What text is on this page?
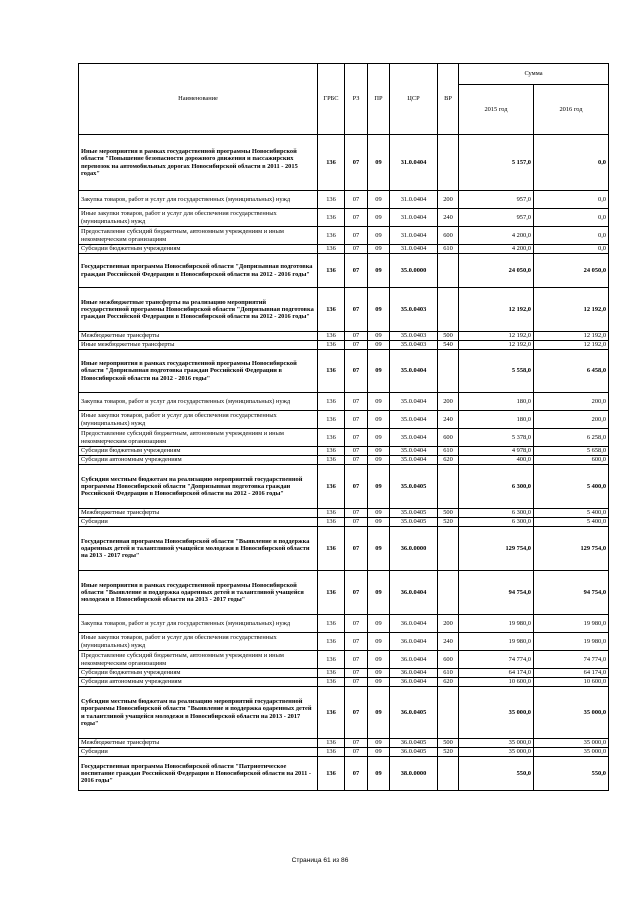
Наименование	ГРБС	РЗ	ПР	ЦСР	ВР	Сумма	
						2015 год	2016 год
Иные мероприятия в рамках государственной программы Новосибирской области "Повышение безопасности дорожного движения и пассажирских перевозок на автомобильных дорогах Новосибирской области в 2011 - 2015 годах"	136	07	09	31.0.0404		5 157,0	0,0
Закупка товаров, работ и услуг для государственных (муниципальных) нужд	136	07	09	31.0.0404	200	957,0	0,0
Иные закупки товаров, работ и услуг для обеспечения государственных (муниципальных) нужд	136	07	09	31.0.0404	240	957,0	0,0
Предоставление субсидий бюджетным, автономным учреждениям и иным некоммерческим организациям	136	07	09	31.0.0404	600	4 200,0	0,0
Субсидии бюджетным учреждениям	136	07	09	31.0.0404	610	4 200,0	0,0
Государственная программа Новосибирской области "Допризывная подготовка граждан Российской Федерации в Новосибирской области на 2012 - 2016 годы"	136	07	09	35.0.0000		24 050,0	24 050,0
Иные межбюджетные трансферты на реализацию мероприятий государственной программы Новосибирской области "Допризывная подготовка граждан Российской Федерации в Новосибирской области на 2012 - 2016 годы"	136	07	09	35.0.0403		12 192,0	12 192,0
Межбюджетные трансферты	136	07	09	35.0.0403	500	12 192,0	12 192,0
Иные межбюджетные трансферты	136	07	09	35.0.0403	540	12 192,0	12 192,0
Иные мероприятия в рамках государственной программы Новосибирской области "Допризывная подготовка граждан Российской Федерации в Новосибирской области на 2012 - 2016 годы"	136	07	09	35.0.0404		5 558,0	6 458,0
Закупка товаров, работ и услуг для государственных (муниципальных) нужд	136	07	09	35.0.0404	200	180,0	200,0
Иные закупки товаров, работ и услуг для обеспечения государственных (муниципальных) нужд	136	07	09	35.0.0404	240	180,0	200,0
Предоставление субсидий бюджетным, автономным учреждениям и иным некоммерческим организациям	136	07	09	35.0.0404	600	5 378,0	6 258,0
Субсидии бюджетным учреждениям	136	07	09	35.0.0404	610	4 978,0	5 658,0
Субсидии автономным учреждениям	136	07	09	35.0.0404	620	400,0	600,0
Субсидии местным бюджетам на реализацию мероприятий государственной программы Новосибирской области "Допризывная подготовка граждан Российской Федерации в Новосибирской области на 2012 - 2016 годы"	136	07	09	35.0.0405		6 300,0	5 400,0
Межбюджетные трансферты	136	07	09	35.0.0405	500	6 300,0	5 400,0
Субсидии	136	07	09	35.0.0405	520	6 300,0	5 400,0
Государственная программа Новосибирской области "Выявление и поддержка одаренных детей и талантливой учащейся молодежи в Новосибирской области на 2013 - 2017 годы"	136	07	09	36.0.0000		129 754,0	129 754,0
Иные мероприятия в рамках государственной программы Новосибирской области "Выявление и поддержка одаренных детей и талантливой учащейся молодежи в Новосибирской области на 2013 - 2017 годы"	136	07	09	36.0.0404		94 754,0	94 754,0
Закупка товаров, работ и услуг для государственных (муниципальных) нужд	136	07	09	36.0.0404	200	19 980,0	19 980,0
Иные закупки товаров, работ и услуг для обеспечения государственных (муниципальных) нужд	136	07	09	36.0.0404	240	19 980,0	19 980,0
Предоставление субсидий бюджетным, автономным учреждениям и иным некоммерческим организациям	136	07	09	36.0.0404	600	74 774,0	74 774,0
Субсидии бюджетным учреждениям	136	07	09	36.0.0404	610	64 174,0	64 174,0
Субсидии автономным учреждениям	136	07	09	36.0.0404	620	10 600,0	10 600,0
Субсидии местным бюджетам на реализацию мероприятий государственной программы Новосибирской области "Выявление и поддержка одаренных детей и талантливой учащейся молодежи в Новосибирской области на 2013 - 2017 годы"	136	07	09	36.0.0405		35 000,0	35 000,0
Межбюджетные трансферты	136	07	09	36.0.0405	500	35 000,0	35 000,0
Субсидии	136	07	09	36.0.0405	520	35 000,0	35 000,0
Государственная программа Новосибирской области "Патриотическое воспитание граждан Российской Федерации в Новосибирской области на 2011 - 2016 годы"	136	07	09	38.0.0000		550,0	550,0
Страница 61 из 86
